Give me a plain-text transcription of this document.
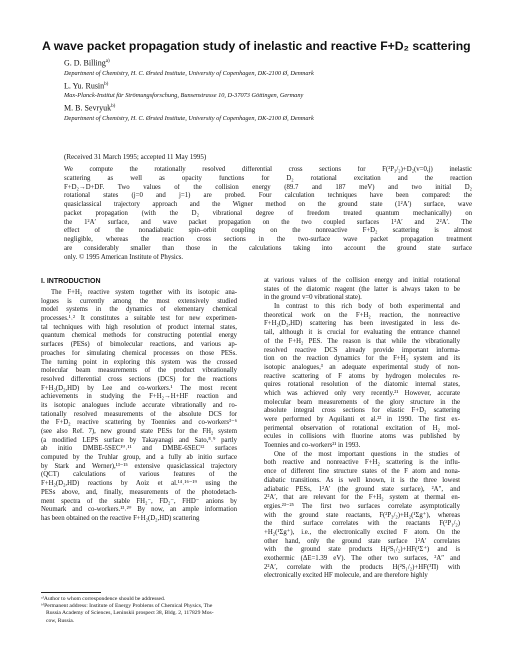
A wave packet propagation study of inelastic and reactive F+D₂ scattering
G. D. Billing$^{a)}$
Department of Chemistry, H. C. Ørsted Institute, University of Copenhagen, DK-2100 Ø, Denmark
L. Yu. Rusin$^{b)}$
Max-Planck-Institut für Strömungsforschung, Bunsenstrasse 10, D-37073 Göttingen, Germany
M. B. Sevryuk$^{b)}$
Department of Chemistry, H. C. Ørsted Institute, University of Copenhagen, DK-2100 Ø, Denmark
(Received 31 March 1995; accepted 11 May 1995)
We compute the rotationally resolved differential cross sections for F(²P₃/₂)+D₂(v=0,j) inelastic
scattering as well as opacity functions for D₂ rotational excitation and the reaction
F+D₂→D+DF. Two values of the collision energy (89.7 and 187 meV) and two initial D₂
rotational states (j=0 and j=1) are probed. Four calculation techniques have been compared: the
quasiclassical trajectory approach and the Wigner method on the ground state (1²A′) surface, wave
packet propagation (with the D₂ vibrational degree of freedom treated quantum mechanically) on
the 1²A′ surface, and wave packet propagation on the two coupled surfaces 1²A′ and 2²A′. The
effect of the nonadiabatic spin–orbit coupling on the nonreactive F+D₂ scattering is almost
negligible, whereas the reaction cross sections in the two-surface wave packet propagation treatment
are considerably smaller than those in the calculations taking into account the ground state surface
only. © 1995 American Institute of Physics.
I. INTRODUCTION
The F+H₂ reactive system together with its isotopic ana-
logues is currently among the most extensively studied
model systems in the dynamics of elementary chemical
processes.¹˒² It constitutes a suitable test for new experimen-
tal techniques with high resolution of product internal states,
quantum chemical methods for constructing potential energy
surfaces (PESs) of bimolecular reactions, and various ap-
proaches for simulating chemical processes on those PESs.
The turning point in exploring this system was the crossed
molecular beam measurements of the product vibrationally
resolved differential cross sections (DCS) for the reactions
F+H₂(D₂,HD) by Lee and co-workers.¹ The most recent
achievements in studying the F+H₂→H+HF reaction and
its isotopic analogues include accurate vibrationally and ro-
tationally resolved measurements of the absolute DCS for
the F+D₂ reactive scattering by Toennies and co-workers³⁻⁶
(see also Ref. 7), new ground state PESs for the FH₂ system
(a modified LEPS surface by Takayanagi and Sato,⁸˒⁹ partly
ab initio DMBE-5SEC¹⁰˒¹¹ and DMBE-6SEC¹² surfaces
computed by the Truhlar group, and a fully ab initio surface
by Stark and Werner),¹³⁻¹⁵ extensive quasiclassical trajectory
(QCT) calculations of various features of the
F+H₂(D₂,HD) reactions by Aoiz et al.¹⁴˒¹⁶⁻¹⁹ using the
PESs above, and, finally, measurements of the photodetach-
ment spectra of the stable FH₂⁻, FD₂⁻, FHD⁻ anions by
Neumark and co-workers.¹³˒²⁰ By now, an ample information
has been obtained on the reactive F+H₂(D₂,HD) scattering
at various values of the collision energy and initial rotational
states of the diatomic reagent (the latter is always taken to be
in the ground v=0 vibrational state).
In contrast to this rich body of both experimental and
theoretical work on the F+H₂ reaction, the nonreactive
F+H₂(D₂,HD) scattering has been investigated in less de-
tail, although it is crucial for evaluating the entrance channel
of the F+H₂ PES. The reason is that while the vibrationally
resolved reactive DCS already provide important informa-
tion on the reaction dynamics for the F+H₂ system and its
isotopic analogues,³ an adequate experimental study of non-
reactive scattering of F atoms by hydrogen molecules re-
quires rotational resolution of the diatomic internal states,
which was achieved only very recently.²¹ However, accurate
molecular beam measurements of the glory structure in the
absolute integral cross sections for elastic F+D₂ scattering
were performed by Aquilanti et al.²² in 1990. The first ex-
perimental observation of rotational excitation of H₂ mol-
ecules in collisions with fluorine atoms was published by
Toennies and co-workers²¹ in 1993.
One of the most important questions in the studies of
both reactive and nonreactive F+H₂ scattering is the influ-
ence of different fine structure states of the F atom and nona-
diabatic transitions. As is well known, it is the three lowest
adiabatic PESs, 1²A′ (the ground state surface), ²A″, and
2²A′, that are relevant for the F+H₂ system at thermal en-
ergies.²³⁻²⁵ The first two surfaces correlate asymptotically
with the ground state reactants, F(²P₃/₂)+H₂(¹Σg⁺), whereas
the third surface correlates with the reactants F(²P₁/₂)
+H₂(¹Σg⁺), i.e., the electronically excited F atom. On the
other hand, only the ground state surface 1²A′ correlates
with the ground state products H(²S₁/₂)+HF(¹Σ⁺) and is
exothermic (ΔE=1.39 eV). The other two surfaces, ²A″ and
2²A′, correlate with the products H(²S₁/₂)+HF(³Π) with
electronically excited HF molecule, and are therefore highly
ᵃ⁾Author to whom correspondence should be addressed.
ᵇ⁾Permanent address: Institute of Energy Problems of Chemical Physics, The
Russia Academy of Sciences, Leninskii prospect 38, Bldg. 2, 117829 Mos-
cow, Russia.
